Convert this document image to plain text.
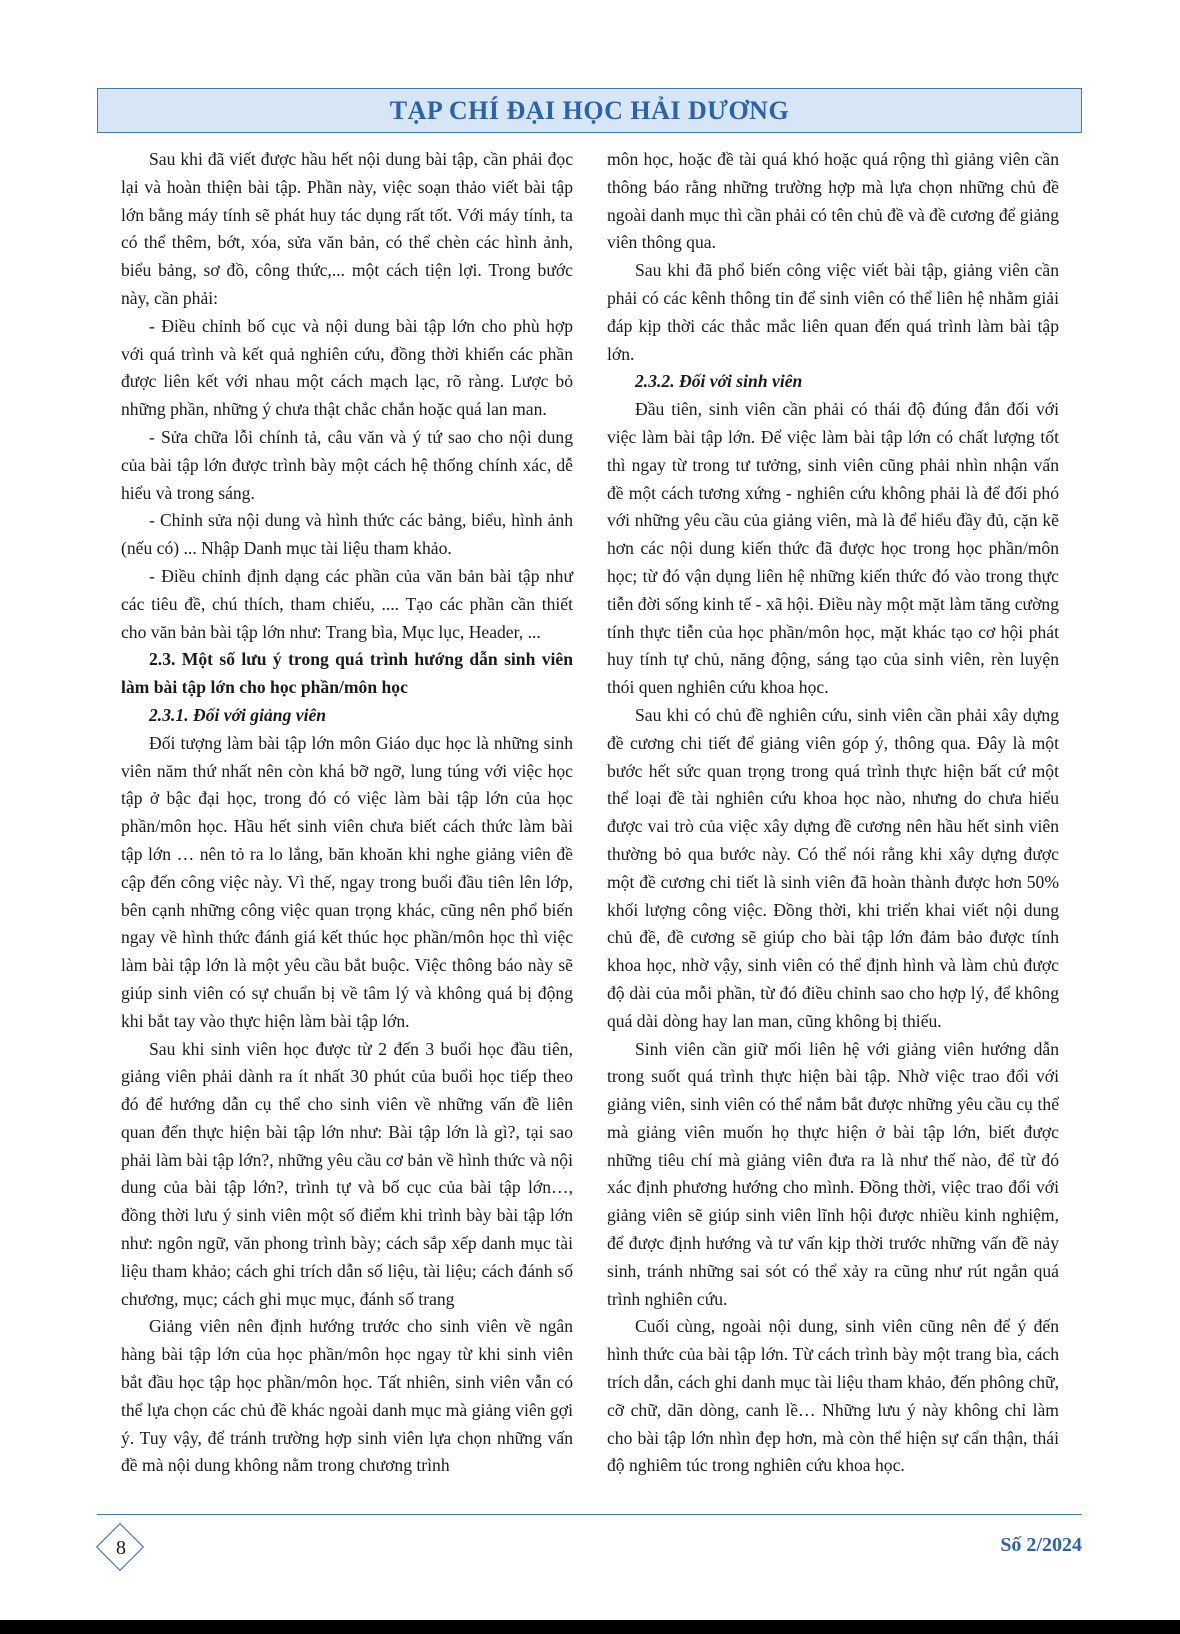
TẠP CHÍ ĐẠI HỌC HẢI DƯƠNG

Sau khi đã viết được hầu hết nội dung bài tập, cần phải đọc lại và hoàn thiện bài tập. Phần này, việc soạn thảo viết bài tập lớn bằng máy tính sẽ phát huy tác dụng rất tốt. Với máy tính, ta có thể thêm, bớt, xóa, sửa văn bản, có thể chèn các hình ảnh, biểu bảng, sơ đồ, công thức,... một cách tiện lợi. Trong bước này, cần phải:

- Điều chỉnh bố cục và nội dung bài tập lớn cho phù hợp với quá trình và kết quả nghiên cứu, đồng thời khiến các phần được liên kết với nhau một cách mạch lạc, rõ ràng. Lược bỏ những phần, những ý chưa thật chắc chắn hoặc quá lan man.

- Sửa chữa lỗi chính tả, câu văn và ý tứ sao cho nội dung của bài tập lớn được trình bày một cách hệ thống chính xác, dễ hiểu và trong sáng.

- Chỉnh sửa nội dung và hình thức các bảng, biểu, hình ảnh (nếu có) ... Nhập Danh mục tài liệu tham khảo.

- Điều chỉnh định dạng các phần của văn bản bài tập như các tiêu đề, chú thích, tham chiếu, .... Tạo các phần cần thiết cho văn bản bài tập lớn như: Trang bìa, Mục lục, Header, ...

2.3. Một số lưu ý trong quá trình hướng dẫn sinh viên làm bài tập lớn cho học phần/môn học

2.3.1. Đối với giảng viên

Đối tượng làm bài tập lớn môn Giáo dục học là những sinh viên năm thứ nhất nên còn khá bỡ ngỡ, lung túng với việc học tập ở bậc đại học, trong đó có việc làm bài tập lớn của học phần/môn học. Hầu hết sinh viên chưa biết cách thức làm bài tập lớn … nên tỏ ra lo lắng, băn khoăn khi nghe giảng viên đề cập đến công việc này. Vì thế, ngay trong buổi đầu tiên lên lớp, bên cạnh những công việc quan trọng khác, cũng nên phổ biến ngay về hình thức đánh giá kết thúc học phần/môn học thì việc làm bài tập lớn là một yêu cầu bắt buộc. Việc thông báo này sẽ giúp sinh viên có sự chuẩn bị về tâm lý và không quá bị động khi bắt tay vào thực hiện làm bài tập lớn.

Sau khi sinh viên học được từ 2 đến 3 buổi học đầu tiên, giảng viên phải dành ra ít nhất 30 phút của buổi học tiếp theo đó để hướng dẫn cụ thể cho sinh viên về những vấn đề liên quan đến thực hiện bài tập lớn như: Bài tập lớn là gì?, tại sao phải làm bài tập lớn?, những yêu cầu cơ bản về hình thức và nội dung của bài tập lớn?, trình tự và bố cục của bài tập lớn…, đồng thời lưu ý sinh viên một số điểm khi trình bày bài tập lớn như: ngôn ngữ, văn phong trình bày; cách sắp xếp danh mục tài liệu tham khảo; cách ghi trích dẫn số liệu, tài liệu; cách đánh số chương, mục; cách ghi mục mục, đánh số trang

Giảng viên nên định hướng trước cho sinh viên về ngân hàng bài tập lớn của học phần/môn học ngay từ khi sinh viên bắt đầu học tập học phần/môn học. Tất nhiên, sinh viên vẫn có thể lựa chọn các chủ đề khác ngoài danh mục mà giảng viên gợi ý. Tuy vậy, để tránh trường hợp sinh viên lựa chọn những vấn đề mà nội dung không nằm trong chương trình

môn học, hoặc đề tài quá khó hoặc quá rộng thì giảng viên cần thông báo rằng những trường hợp mà lựa chọn những chủ đề ngoài danh mục thì cần phải có tên chủ đề và đề cương để giảng viên thông qua.

Sau khi đã phổ biến công việc viết bài tập, giảng viên cần phải có các kênh thông tin để sinh viên có thể liên hệ nhằm giải đáp kịp thời các thắc mắc liên quan đến quá trình làm bài tập lớn.

2.3.2. Đối với sinh viên

Đầu tiên, sinh viên cần phải có thái độ đúng đắn đối với việc làm bài tập lớn. Để việc làm bài tập lớn có chất lượng tốt thì ngay từ trong tư tưởng, sinh viên cũng phải nhìn nhận vấn đề một cách tương xứng - nghiên cứu không phải là để đối phó với những yêu cầu của giảng viên, mà là để hiểu đầy đủ, cặn kẽ hơn các nội dung kiến thức đã được học trong học phần/môn học; từ đó vận dụng liên hệ những kiến thức đó vào trong thực tiễn đời sống kinh tế - xã hội. Điều này một mặt làm tăng cường tính thực tiễn của học phần/môn học, mặt khác tạo cơ hội phát huy tính tự chủ, năng động, sáng tạo của sinh viên, rèn luyện thói quen nghiên cứu khoa học.

Sau khi có chủ đề nghiên cứu, sinh viên cần phải xây dựng đề cương chi tiết để giảng viên góp ý, thông qua. Đây là một bước hết sức quan trọng trong quá trình thực hiện bất cứ một thể loại đề tài nghiên cứu khoa học nào, nhưng do chưa hiểu được vai trò của việc xây dựng đề cương nên hầu hết sinh viên thường bỏ qua bước này. Có thể nói rằng khi xây dựng được một đề cương chi tiết là sinh viên đã hoàn thành được hơn 50% khối lượng công việc. Đồng thời, khi triển khai viết nội dung chủ đề, đề cương sẽ giúp cho bài tập lớn đảm bảo được tính khoa học, nhờ vậy, sinh viên có thể định hình và làm chủ được độ dài của mỗi phần, từ đó điều chỉnh sao cho hợp lý, để không quá dài dòng hay lan man, cũng không bị thiếu.

Sinh viên cần giữ mối liên hệ với giảng viên hướng dẫn trong suốt quá trình thực hiện bài tập. Nhờ việc trao đổi với giảng viên, sinh viên có thể nắm bắt được những yêu cầu cụ thể mà giảng viên muốn họ thực hiện ở bài tập lớn, biết được những tiêu chí mà giảng viên đưa ra là như thế nào, để từ đó xác định phương hướng cho mình. Đồng thời, việc trao đổi với giảng viên sẽ giúp sinh viên lĩnh hội được nhiều kinh nghiệm, để được định hướng và tư vấn kịp thời trước những vấn đề nảy sinh, tránh những sai sót có thể xảy ra cũng như rút ngắn quá trình nghiên cứu.

Cuối cùng, ngoài nội dung, sinh viên cũng nên để ý đến hình thức của bài tập lớn. Từ cách trình bày một trang bìa, cách trích dẫn, cách ghi danh mục tài liệu tham khảo, đến phông chữ, cỡ chữ, dãn dòng, canh lề… Những lưu ý này không chỉ làm cho bài tập lớn nhìn đẹp hơn, mà còn thể hiện sự cẩn thận, thái độ nghiêm túc trong nghiên cứu khoa học.

8	Số 2/2024
